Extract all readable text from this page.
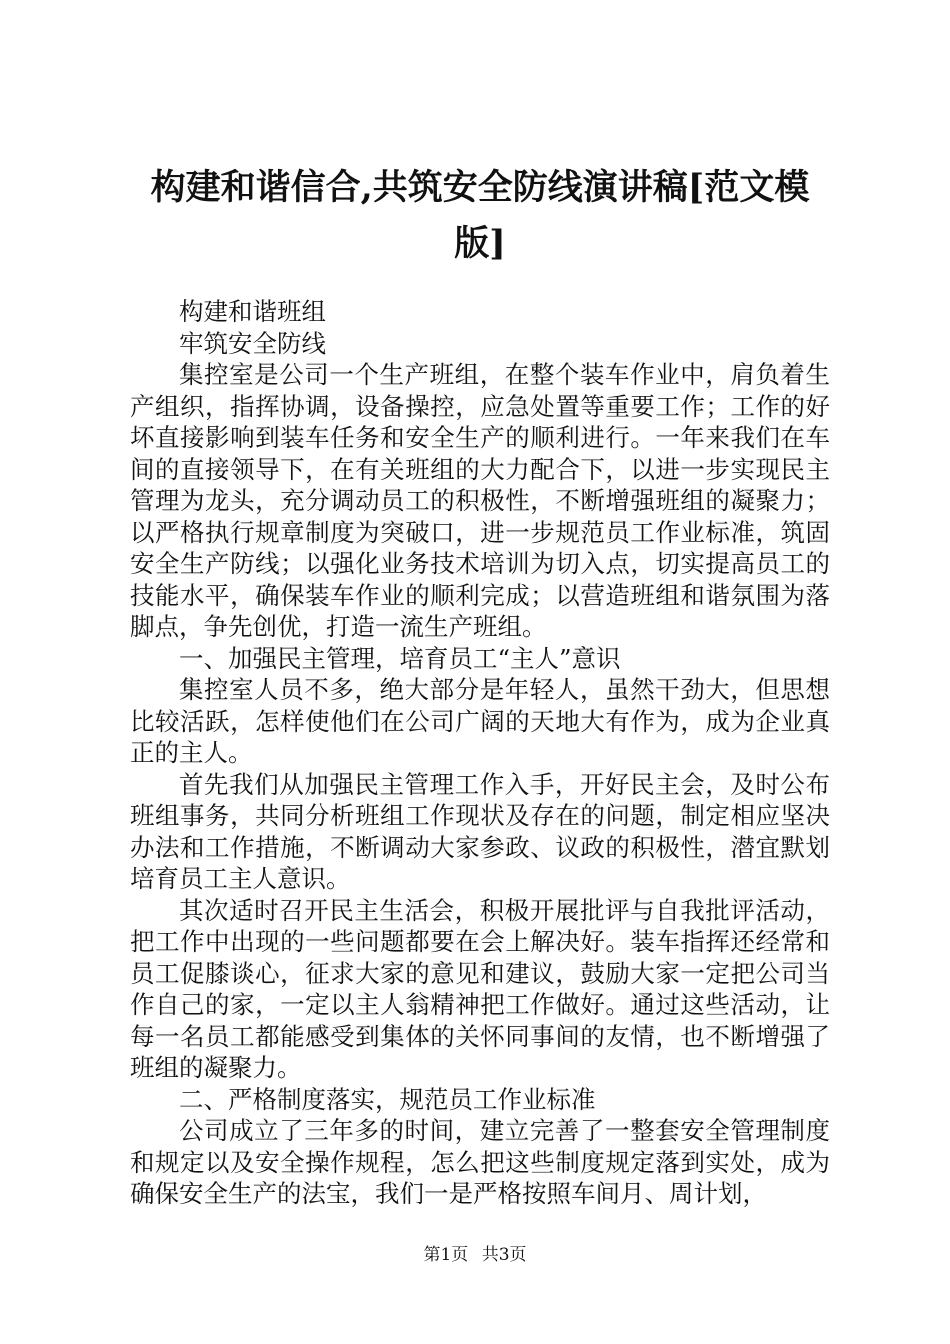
构建和谐信合,共筑安全防线演讲稿[范文模版]

构建和谐班组

牢筑安全防线

集控室是公司一个生产班组，在整个装车作业中，肩负着生产组织，指挥协调，设备操控，应急处置等重要工作；工作的好坏直接影响到装车任务和安全生产的顺利进行。一年来我们在车间的直接领导下，在有关班组的大力配合下，以进一步实现民主管理为龙头，充分调动员工的积极性，不断增强班组的凝聚力；以严格执行规章制度为突破口，进一步规范员工作业标准，筑固安全生产防线；以强化业务技术培训为切入点，切实提高员工的技能水平，确保装车作业的顺利完成；以营造班组和谐氛围为落脚点，争先创优，打造一流生产班组。

一、加强民主管理，培育员工“主人”意识

集控室人员不多，绝大部分是年轻人，虽然干劲大，但思想比较活跃，怎样使他们在公司广阔的天地大有作为，成为企业真正的主人。

首先我们从加强民主管理工作入手，开好民主会，及时公布班组事务，共同分析班组工作现状及存在的问题，制定相应坚决办法和工作措施，不断调动大家参政、议政的积极性，潜宜默划培育员工主人意识。

其次适时召开民主生活会，积极开展批评与自我批评活动，把工作中出现的一些问题都要在会上解决好。装车指挥还经常和员工促膝谈心，征求大家的意见和建议，鼓励大家一定把公司当作自己的家，一定以主人翁精神把工作做好。通过这些活动，让每一名员工都能感受到集体的关怀同事间的友情，也不断增强了班组的凝聚力。

二、严格制度落实，规范员工作业标准

公司成立了三年多的时间，建立完善了一整套安全管理制度和规定以及安全操作规程，怎么把这些制度规定落到实处，成为确保安全生产的法宝，我们一是严格按照车间月、周计划，

第1页 共3页
